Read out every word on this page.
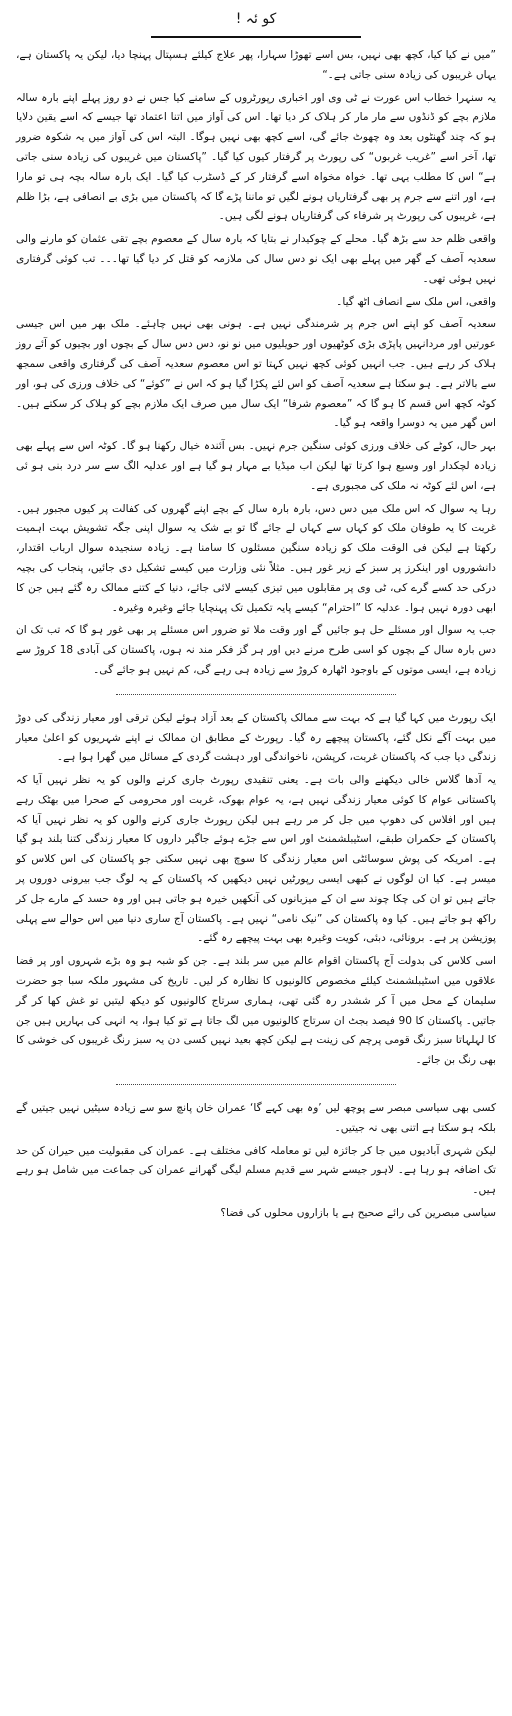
کو ئہ !

”میں نے کیا کیا، کچھ بھی نہیں، بس اسے تھوڑا سہارا، پھر علاج کیلئے ہسپتال پہنچا دیا، لیکن یہ پاکستان ہے، یہاں غریبوں کی زیادہ سنی جاتی ہے۔“

یہ سنہرا خطاب اس عورت نے ٹی وی اور اخباری رپورٹروں کے سامنے کیا جس نے دو روز پہلے اپنے بارہ سالہ ملازم بچے کو ڈنڈوں سے مار مار کر ہلاک کر دیا تھا۔ اس کی آواز میں اتنا اعتماد تھا جیسے کہ اسے یقین دلایا ہو کہ چند گھنٹوں بعد وہ چھوٹ جائے گی، اسے کچھ بھی نہیں ہوگا۔ البتہ اس کی آواز میں یہ شکوہ ضرور تھا، آخر اسے ”غریب غربوں“ کی رپورٹ پر گرفتار کیوں کیا گیا۔ ”پاکستان میں غریبوں کی زیادہ سنی جاتی ہے“ اس کا مطلب یہی تھا۔ خواہ مخواہ اسے گرفتار کر کے ڈسٹرب کیا گیا۔ ایک بارہ سالہ بچہ ہی تو مارا ہے، اور اتنے سے جرم پر بھی گرفتاریاں ہونے لگیں تو ماننا پڑے گا کہ پاکستان میں بڑی بے انصافی ہے، بڑا ظلم ہے، غریبوں کی رپورٹ پر شرفاء کی گرفتاریاں ہونے لگی ہیں۔

واقعی ظلم حد سے بڑھ گیا۔ محلے کے چوکیدار نے بتایا کہ بارہ سال کے معصوم بچے تقی عثمان کو مارنے والی سعدیہ آصف کے گھر میں پہلے بھی ایک نو دس سال کی ملازمہ کو قتل کر دیا گیا تھا۔۔۔ تب کوئی گرفتاری نہیں ہوئی تھی۔

واقعی، اس ملک سے انصاف اٹھ گیا۔

سعدیہ آصف کو اپنے اس جرم پر شرمندگی نہیں ہے۔ ہونی بھی نہیں چاہئے۔ ملک بھر میں اس جیسی عورتیں اور مردانہیں پاپڑی بڑی کوٹھیوں اور حویلیوں میں نو نو، دس دس سال کے بچوں اور بچیوں کو آئے روز ہلاک کر رہے ہیں۔ جب انہیں کوئی کچھ نہیں کہتا تو اس معصوم سعدیہ آصف کی گرفتاری واقعی سمجھ سے بالاتر ہے۔ ہو سکتا ہے سعدیہ آصف کو اس لئے پکڑا گیا ہو کہ اس نے ”کوئے“ کی خلاف ورزی کی ہو، اور کوٹہ کچھ اس قسم کا ہو گا کہ ”معصوم شرفا“ ایک سال میں صرف ایک ملازم بچے کو ہلاک کر سکتے ہیں۔ اس گھر میں یہ دوسرا واقعہ ہو گیا۔

بہر حال، کوٹے کی خلاف ورزی کوئی سنگین جرم نہیں۔ بس آئندہ خیال رکھنا ہو گا۔ کوٹہ اس سے پہلے بھی زیادہ لچکدار اور وسیع ہوا کرتا تھا لیکن اب میڈیا بے مہار ہو گیا ہے اور عدلیہ الگ سے سر درد بنی ہو ئی ہے، اس لئے کوٹہ نہ ملک کی مجبوری ہے۔

رہا یہ سوال کہ اس ملک میں دس دس، بارہ بارہ سال کے بچے اپنے گھروں کی کفالت پر کیوں مجبور ہیں۔ غربت کا یہ طوفان ملک کو کہاں سے کہاں لے جائے گا تو بے شک یہ سوال اپنی جگہ تشویش بہت اہمیت رکھتا ہے لیکن فی الوقت ملک کو زیادہ سنگین مسئلوں کا سامنا ہے۔ زیادہ سنجیدہ سوال ارباب اقتدار، دانشوروں اور اینکرز پر سبز کے زیر غور ہیں۔ مثلاً نئی وزارت میں کیسے تشکیل دی جائیں، پنجاب کی بچیہ درکی حد کسے گرے کی، ٹی وی پر مقابلوں میں تیزی کیسے لائی جائے، دنیا کے کتنے ممالک رہ گئے ہیں جن کا ابھی دورہ نہیں ہوا۔ عدلیہ کا ”احترام“ کیسے پایہ تکمیل تک پہنچایا جائے وغیرہ وغیرہ۔

جب یہ سوال اور مسئلے حل ہو جائیں گے اور وقت ملا تو ضرور اس مسئلے پر بھی غور ہو گا کہ تب تک ان دس بارہ سال کے بچوں کو اسی طرح مرنے دیں اور ہر گز فکر مند نہ ہوں، پاکستان کی آبادی 18 کروڑ سے زیادہ ہے، ایسی موتوں کے باوجود اٹھارہ کروڑ سے زیادہ ہی رہے گی، کم نہیں ہو جائے گی۔

ایک رپورٹ میں کہا گیا ہے کہ بہت سے ممالک پاکستان کے بعد آزاد ہوئے لیکن ترقی اور معیار زندگی کی دوڑ میں بہت آگے نکل گئے، پاکستان پیچھے رہ گیا۔ رپورٹ کے مطابق ان ممالک نے اپنے شہریوں کو اعلیٰ معیار زندگی دیا جب کہ پاکستان غربت، کرپشن، ناخواندگی اور دہشت گردی کے مسائل میں گھرا ہوا ہے۔

یہ آدھا گلاس خالی دیکھنے والی بات ہے۔ یعنی تنقیدی رپورٹ جاری کرنے والوں کو یہ نظر نہیں آیا کہ پاکستانی عوام کا کوئی معیار زندگی نہیں ہے، یہ عوام بھوک، غربت اور محرومی کے صحرا میں بھٹک رہے ہیں اور افلاس کی دھوپ میں جل کر مر رہے ہیں لیکن رپورٹ جاری کرنے والوں کو یہ نظر نہیں آیا کہ پاکستان کے حکمران طبقے، اسٹیبلشمنٹ اور اس سے جڑے ہوئے جاگیر داروں کا معیار زندگی کتنا بلند ہو گیا ہے۔ امریکہ کی پوش سوسائٹی اس معیار زندگی کا سوچ بھی نہیں سکتی جو پاکستان کی اس کلاس کو میسر ہے۔ کیا ان لوگوں نے کبھی ایسی رپورٹیں نہیں دیکھیں کہ پاکستان کے یہ لوگ جب بیرونی دوروں پر جاتے ہیں تو ان کی چکا چوند سے ان کے میزبانوں کی آنکھیں خیرہ ہو جاتی ہیں اور وہ حسد کے مارے جل کر راکھ ہو جاتے ہیں۔ کیا وہ پاکستان کی ”نیک نامی“ نہیں ہے۔ پاکستان آج ساری دنیا میں اس حوالے سے پہلی پوزیشن پر ہے۔ برونائی، دبئی، کویت وغیرہ بھی بہت پیچھے رہ گئے۔

اسی کلاس کی بدولت آج پاکستان اقوام عالم میں سر بلند ہے۔ جن کو شبہ ہو وہ بڑے شہروں اور پر فضا علاقوں میں اسٹیبلشمنٹ کیلئے مخصوص کالونیوں کا نظارہ کر لیں۔ تاریخ کی مشہور ملکہ سبا جو حضرت سلیمان کے محل میں آ کر ششدر رہ گئی تھی، ہماری سرتاج کالونیوں کو دیکھ لیتیں تو غش کھا کر گر جاتیں۔ پاکستان کا 90 فیصد بجٹ ان سرتاج کالونیوں میں لگ جاتا ہے تو کیا ہوا، یہ انہی کی بہاریں ہیں جن کا لہلہاتا سبز رنگ قومی پرچم کی زینت ہے لیکن کچھ بعید نہیں کسی دن یہ سبز رنگ غریبوں کی خوشی کا بھی رنگ بن جائے۔

کسی بھی سیاسی مبصر سے پوچھ لیں ’وہ بھی کہے گا‘ عمران خان پانچ سو سے زیادہ سیٹیں نہیں جیتیں گے بلکہ ہو سکتا ہے اتنی بھی نہ جیتیں۔

لیکن شہری آبادیوں میں جا کر جائزہ لیں تو معاملہ کافی مختلف ہے۔ عمران کی مقبولیت میں حیران کن حد تک اضافہ ہو رہا ہے۔ لاہور جیسے شہر سے قدیم مسلم لیگی گھرانے عمران کی جماعت میں شامل ہو رہے ہیں۔

سیاسی مبصرین کی رائے صحیح ہے یا بازاروں محلوں کی فضا؟
